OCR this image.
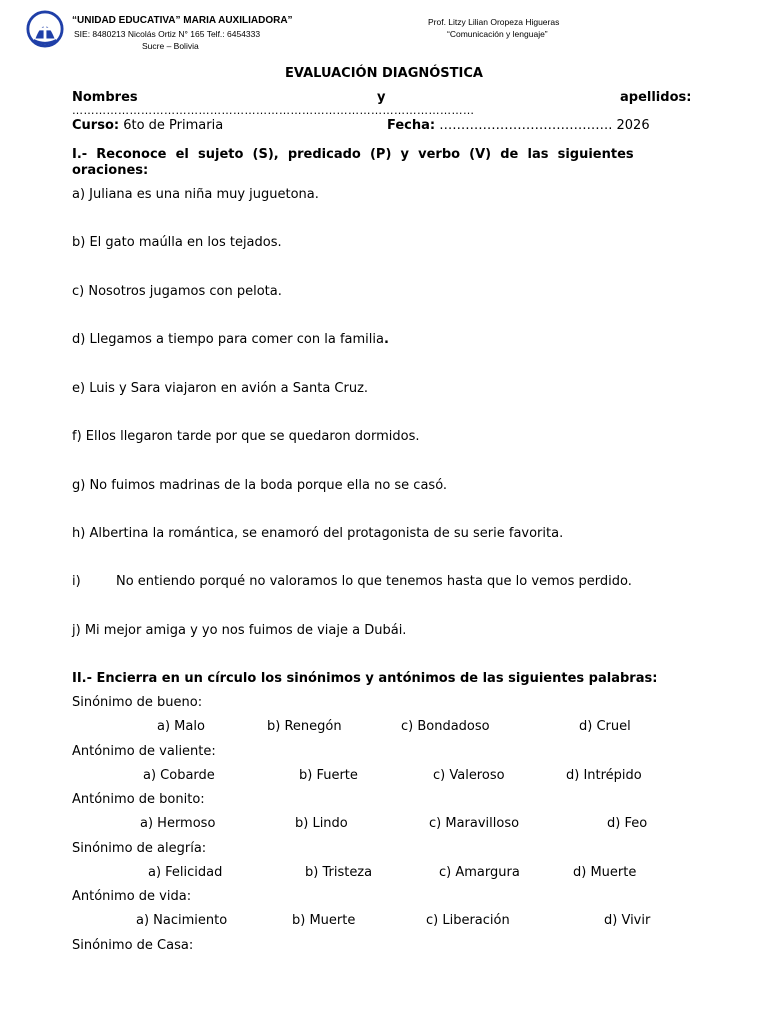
“UNIDAD EDUCATIVA” MARIA AUXILIADORA”
SIE: 8480213 Nicolás Ortiz N° 165 Telf.: 6454333
Sucre – Bolivia
Prof. Litzy Lilian Oropeza Higueras
“Comunicación y lenguaje”
EVALUACIÓN DIAGNÓSTICA
Nombres	y	apellidos:
……………………………………………………………………………………………
Curso: 6to de Primaria	Fecha: …………………………………. 2026
I.- Reconoce el sujeto (S), predicado (P) y verbo (V) de las siguientes
oraciones:
a) Juliana es una niña muy juguetona.
b) El gato maúlla en los tejados.
c) Nosotros jugamos con pelota.
d) Llegamos a tiempo para comer con la familia.
e) Luis y Sara viajaron en avión a Santa Cruz.
f) Ellos llegaron tarde por que se quedaron dormidos.
g) No fuimos madrinas de la boda porque ella no se casó.
h) Albertina la romántica, se enamoró del protagonista de su serie favorita.
i)	No entiendo porqué no valoramos lo que tenemos hasta que lo vemos perdido.
j) Mi mejor amiga y yo nos fuimos de viaje a Dubái.
II.- Encierra en un círculo los sinónimos y antónimos de las siguientes palabras:
Sinónimo de bueno:
a) Malo	b) Renegón	c) Bondadoso	d) Cruel
Antónimo de valiente:
a) Cobarde	b) Fuerte	c) Valeroso	d) Intrépido
Antónimo de bonito:
a) Hermoso	b) Lindo	c) Maravilloso	d) Feo
Sinónimo de alegría:
a) Felicidad	b) Tristeza	c) Amargura	d) Muerte
Antónimo de vida:
a) Nacimiento	b) Muerte	c) Liberación	d) Vivir
Sinónimo de Casa:
